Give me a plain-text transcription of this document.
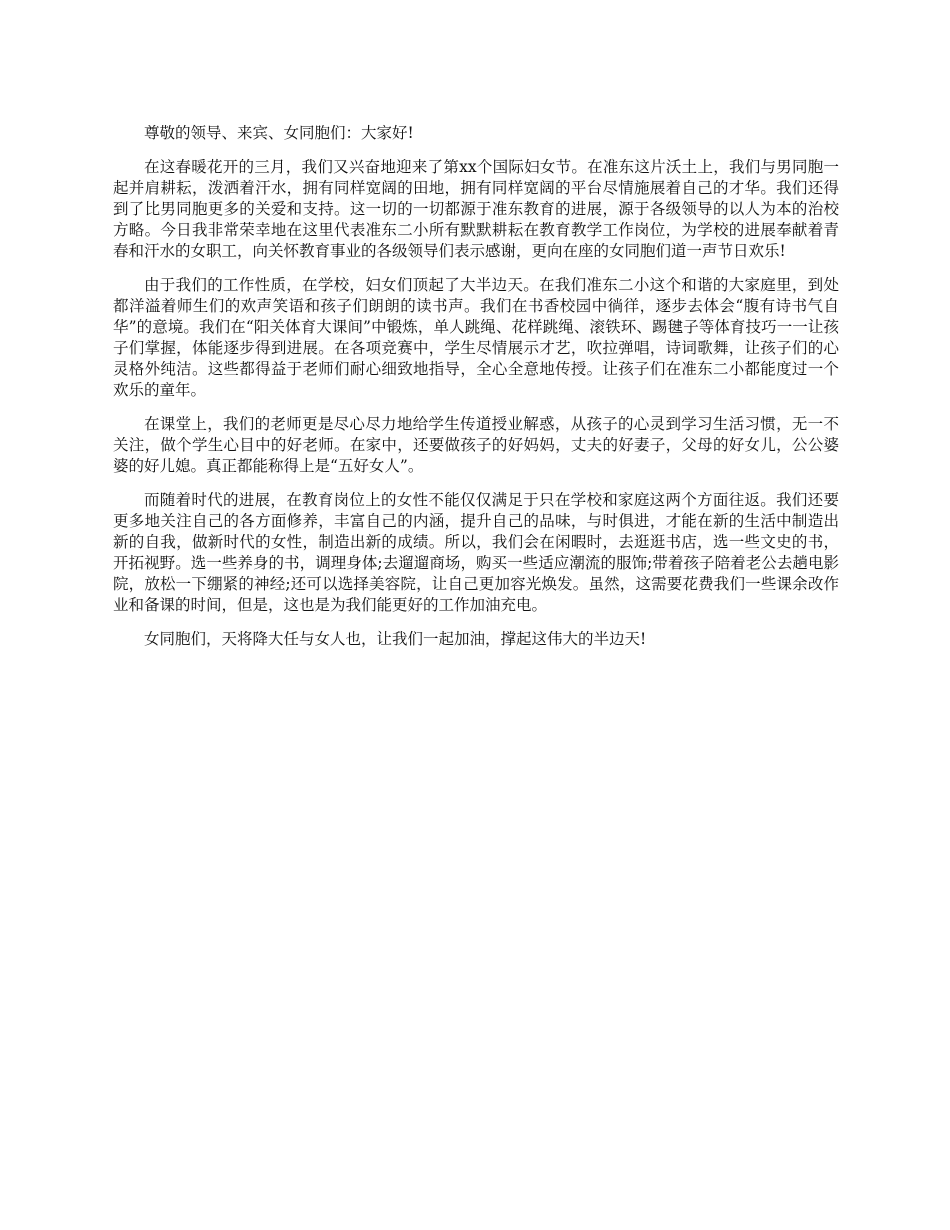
尊敬的领导、来宾、女同胞们：大家好!

在这春暖花开的三月，我们又兴奋地迎来了第xx个国际妇女节。在准东这片沃土上，我们与男同胞一起并肩耕耘，泼洒着汗水，拥有同样宽阔的田地，拥有同样宽阔的平台尽情施展着自己的才华。我们还得到了比男同胞更多的关爱和支持。这一切的一切都源于准东教育的进展，源于各级领导的以人为本的治校方略。今日我非常荣幸地在这里代表准东二小所有默默耕耘在教育教学工作岗位，为学校的进展奉献着青春和汗水的女职工，向关怀教育事业的各级领导们表示感谢，更向在座的女同胞们道一声节日欢乐!

由于我们的工作性质，在学校，妇女们顶起了大半边天。在我们准东二小这个和谐的大家庭里，到处都洋溢着师生们的欢声笑语和孩子们朗朗的读书声。我们在书香校园中徜徉，逐步去体会“腹有诗书气自华”的意境。我们在“阳关体育大课间”中锻炼，单人跳绳、花样跳绳、滚铁环、踢毽子等体育技巧一一让孩子们掌握，体能逐步得到进展。在各项竞赛中，学生尽情展示才艺，吹拉弹唱，诗词歌舞，让孩子们的心灵格外纯洁。这些都得益于老师们耐心细致地指导，全心全意地传授。让孩子们在准东二小都能度过一个欢乐的童年。

在课堂上，我们的老师更是尽心尽力地给学生传道授业解惑，从孩子的心灵到学习生活习惯，无一不关注，做个学生心目中的好老师。在家中，还要做孩子的好妈妈，丈夫的好妻子，父母的好女儿，公公婆婆的好儿媳。真正都能称得上是“五好女人”。

而随着时代的进展，在教育岗位上的女性不能仅仅满足于只在学校和家庭这两个方面往返。我们还要更多地关注自己的各方面修养，丰富自己的内涵，提升自己的品味，与时俱进，才能在新的生活中制造出新的自我，做新时代的女性，制造出新的成绩。所以，我们会在闲暇时，去逛逛书店，选一些文史的书，开拓视野。选一些养身的书，调理身体;去遛遛商场，购买一些适应潮流的服饰;带着孩子陪着老公去趟电影院，放松一下绷紧的神经;还可以选择美容院，让自己更加容光焕发。虽然，这需要花费我们一些课余改作业和备课的时间，但是，这也是为我们能更好的工作加油充电。

女同胞们，天将降大任与女人也，让我们一起加油，撑起这伟大的半边天!
